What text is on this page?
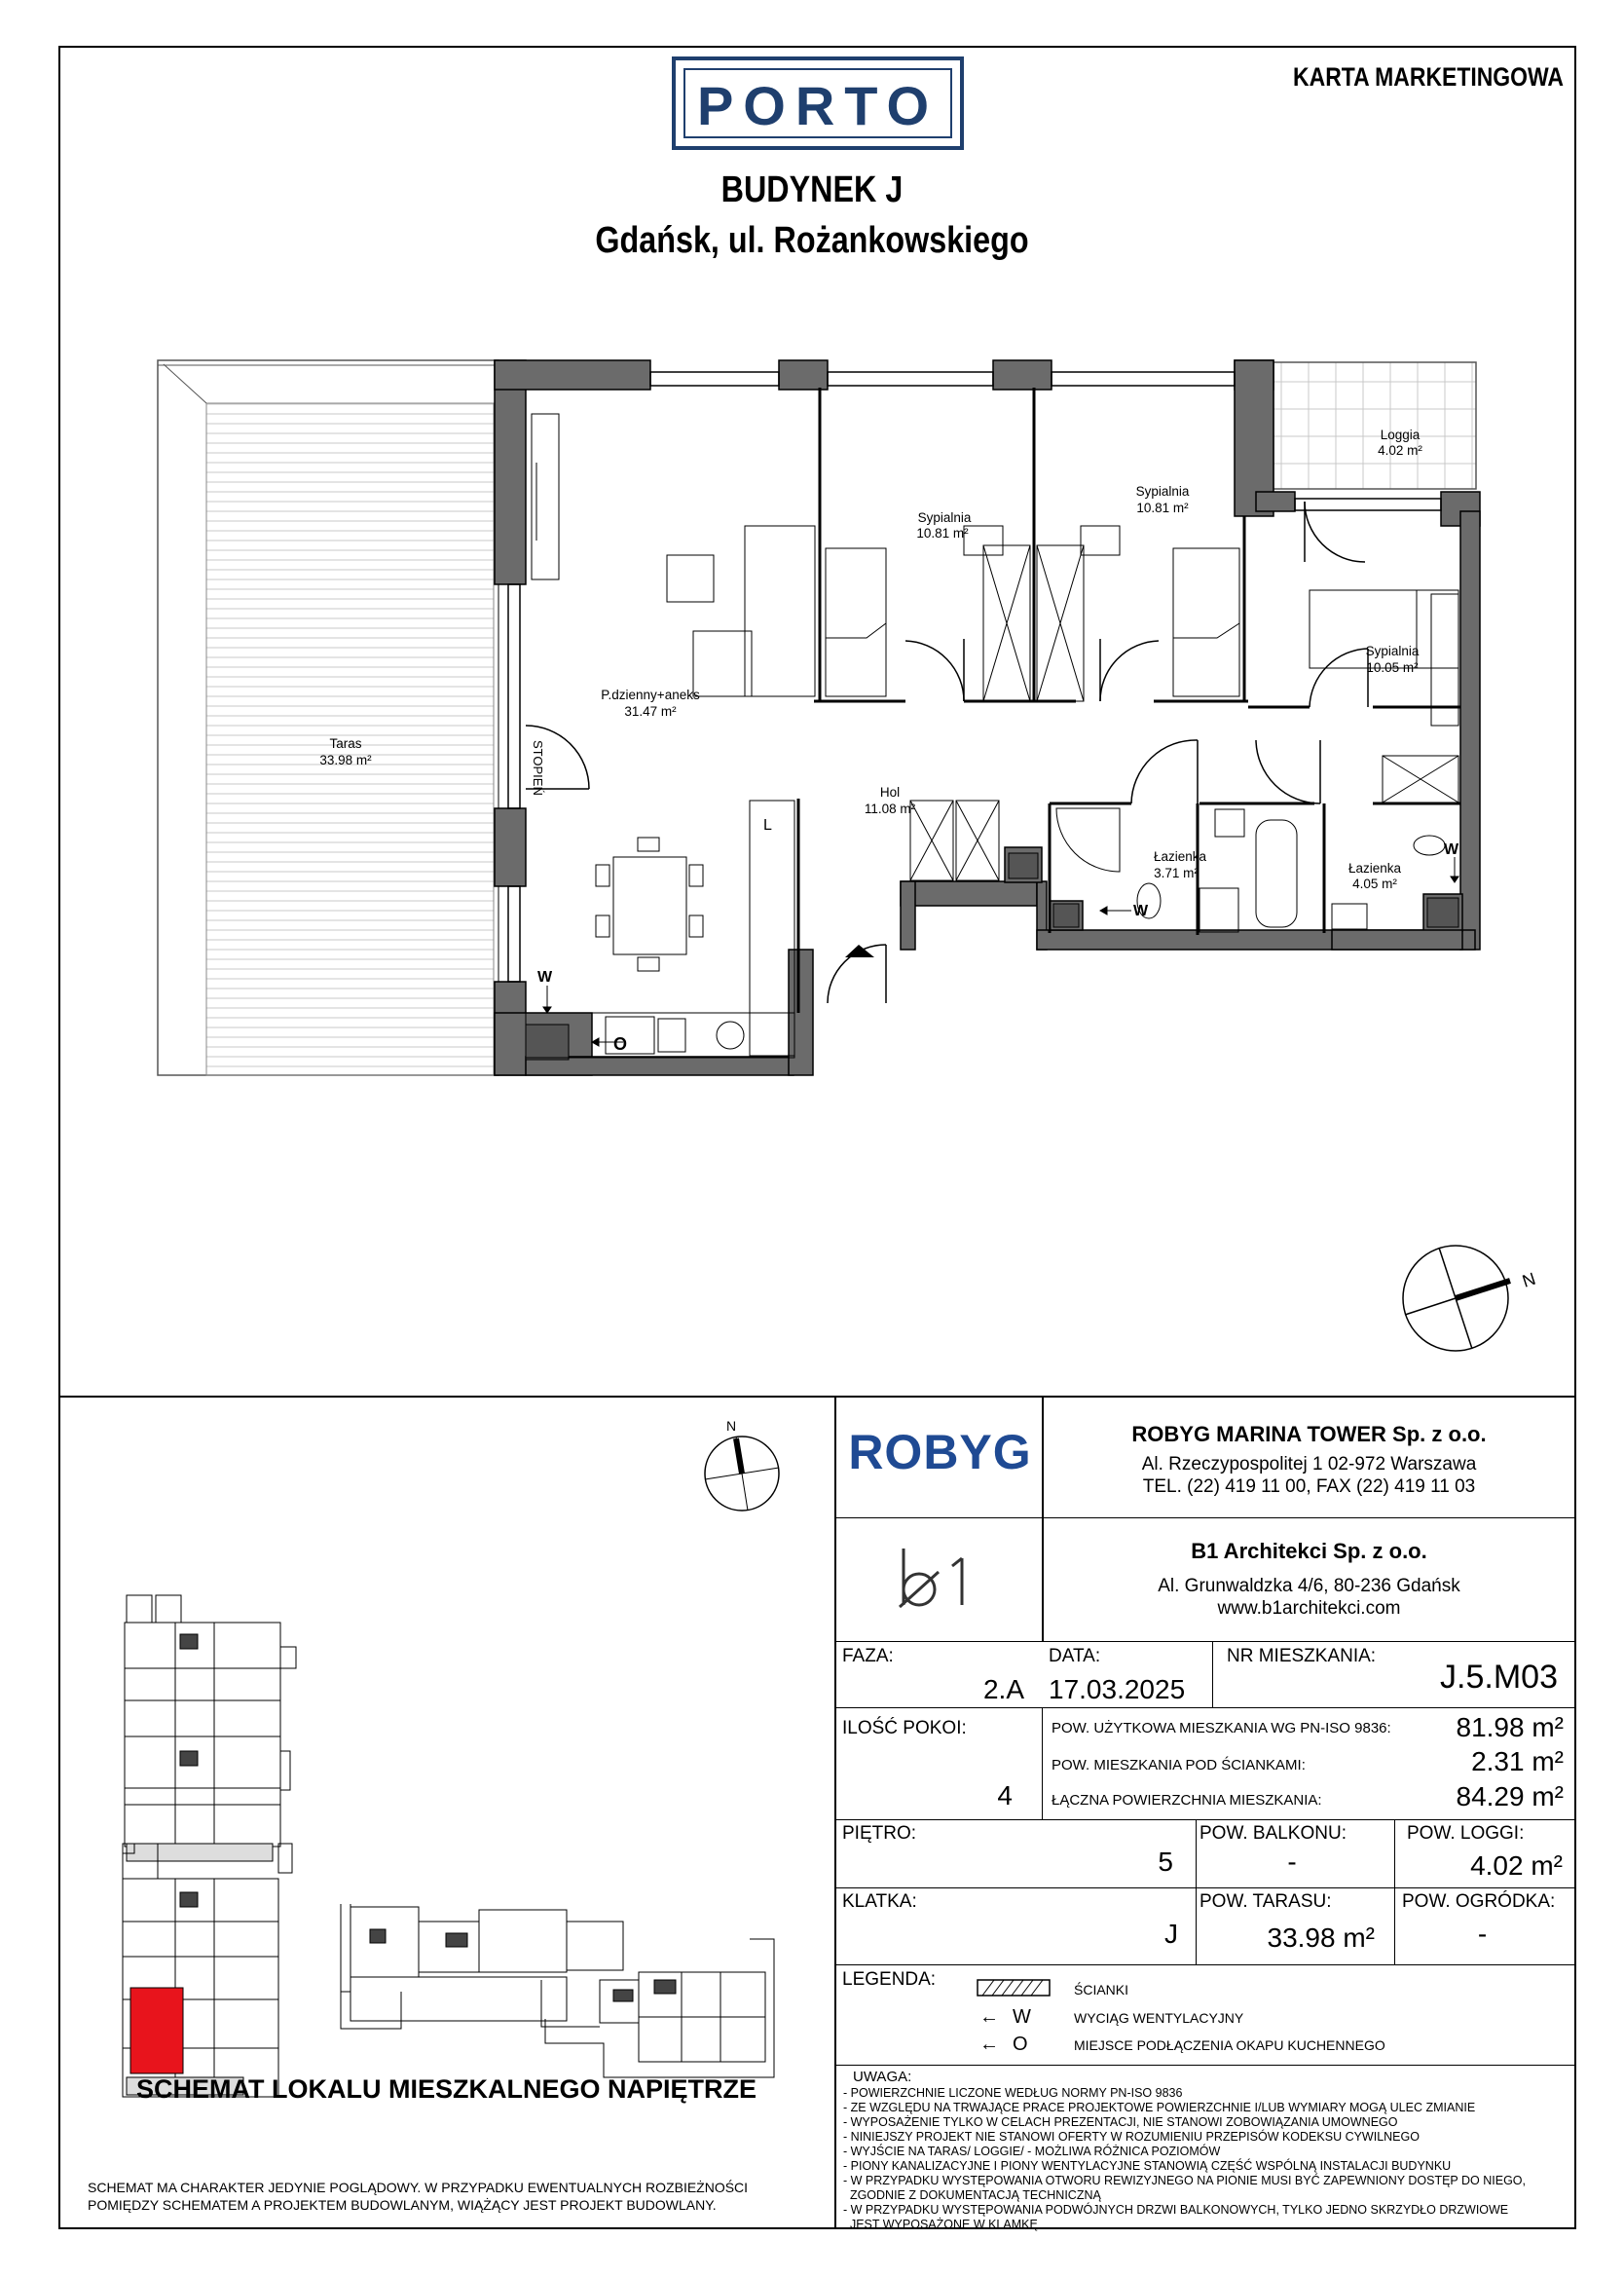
PORTO	KARTA MARKETINGOWA
BUDYNEK J
Gdańsk, ul. Rożankowskiego
O
L
W
W
W
Taras
33.98 m²
P.dzienny+aneks
31.47 m²
Sypialnia
10.81 m²
Sypialnia
10.81 m²
Loggia
4.02 m²
Sypialnia
10.05 m²
Hol
11.08 m²
Łazienka
3.71 m²	Łazienka
4.05 m²
STOPIEŃ
N
ROBYG	ROBYG MARINA TOWER Sp. z o.o.
Al. Rzeczypospolitej 1 02-972 Warszawa
TEL. (22) 419 11 00, FAX (22) 419 11 03
B1 Architekci Sp. z o.o.
Al. Grunwaldzka 4/6, 80-236 Gdańsk
www.b1architekci.com
FAZA:
2.A
DATA:
17.03.2025
NR MIESZKANIA:
J.5.M03
ILOŚĆ POKOI:
4
POW. UŻYTKOWA MIESZKANIA WG PN-ISO 9836:	81.98 m²
POW. MIESZKANIA POD ŚCIANKAMI:	2.31 m²
ŁĄCZNA POWIERZCHNIA MIESZKANIA:	84.29 m²
PIĘTRO:
5
POW. BALKONU:
-
POW. LOGGI:
4.02 m²
KLATKA:
J
POW. TARASU:
33.98 m²
POW. OGRÓDKA:
-
LEGENDA:	ŚCIANKI
← W	WYCIĄG WENTYLACYJNY
← O	MIEJSCE PODŁĄCZENIA OKAPU KUCHENNEGO
UWAGA:
- POWIERZCHNIE LICZONE WEDŁUG NORMY PN-ISO 9836
- ZE WZGLĘDU NA TRWAJĄCE PRACE PROJEKTOWE POWIERZCHNIE I/LUB WYMIARY MOGĄ ULEC ZMIANIE
- WYPOSAŻENIE TYLKO W CELACH PREZENTACJI, NIE STANOWI ZOBOWIĄZANIA UMOWNEGO
- NINIEJSZY PROJEKT NIE STANOWI OFERTY W ROZUMIENIU PRZEPISÓW KODEKSU CYWILNEGO
- WYJŚCIE NA TARAS/ LOGGIE/ - MOŻLIWA RÓŻNICA POZIOMÓW
- PIONY KANALIZACYJNE I PIONY WENTYLACYJNE STANOWIĄ CZĘŚĆ WSPÓLNĄ INSTALACJI BUDYNKU
- W PRZYPADKU WYSTĘPOWANIA OTWORU REWIZYJNEGO NA PIONIE MUSI BYĆ ZAPEWNIONY DOSTĘP DO NIEGO,
ZGODNIE Z DOKUMENTACJĄ TECHNICZNĄ
- W PRZYPADKU WYSTĘPOWANIA PODWÓJNYCH DRZWI BALKONOWYCH, TYLKO JEDNO SKRZYDŁO DRZWIOWE
JEST WYPOSAŻONE W KLAMKĘ
N
SCHEMAT LOKALU MIESZKALNEGO NAPIĘTRZE
SCHEMAT MA CHARAKTER JEDYNIE POGLĄDOWY. W PRZYPADKU EWENTUALNYCH ROZBIEŻNOŚCI
POMIĘDZY SCHEMATEM A PROJEKTEM BUDOWLANYM, WIĄŻĄCY JEST PROJEKT BUDOWLANY.
